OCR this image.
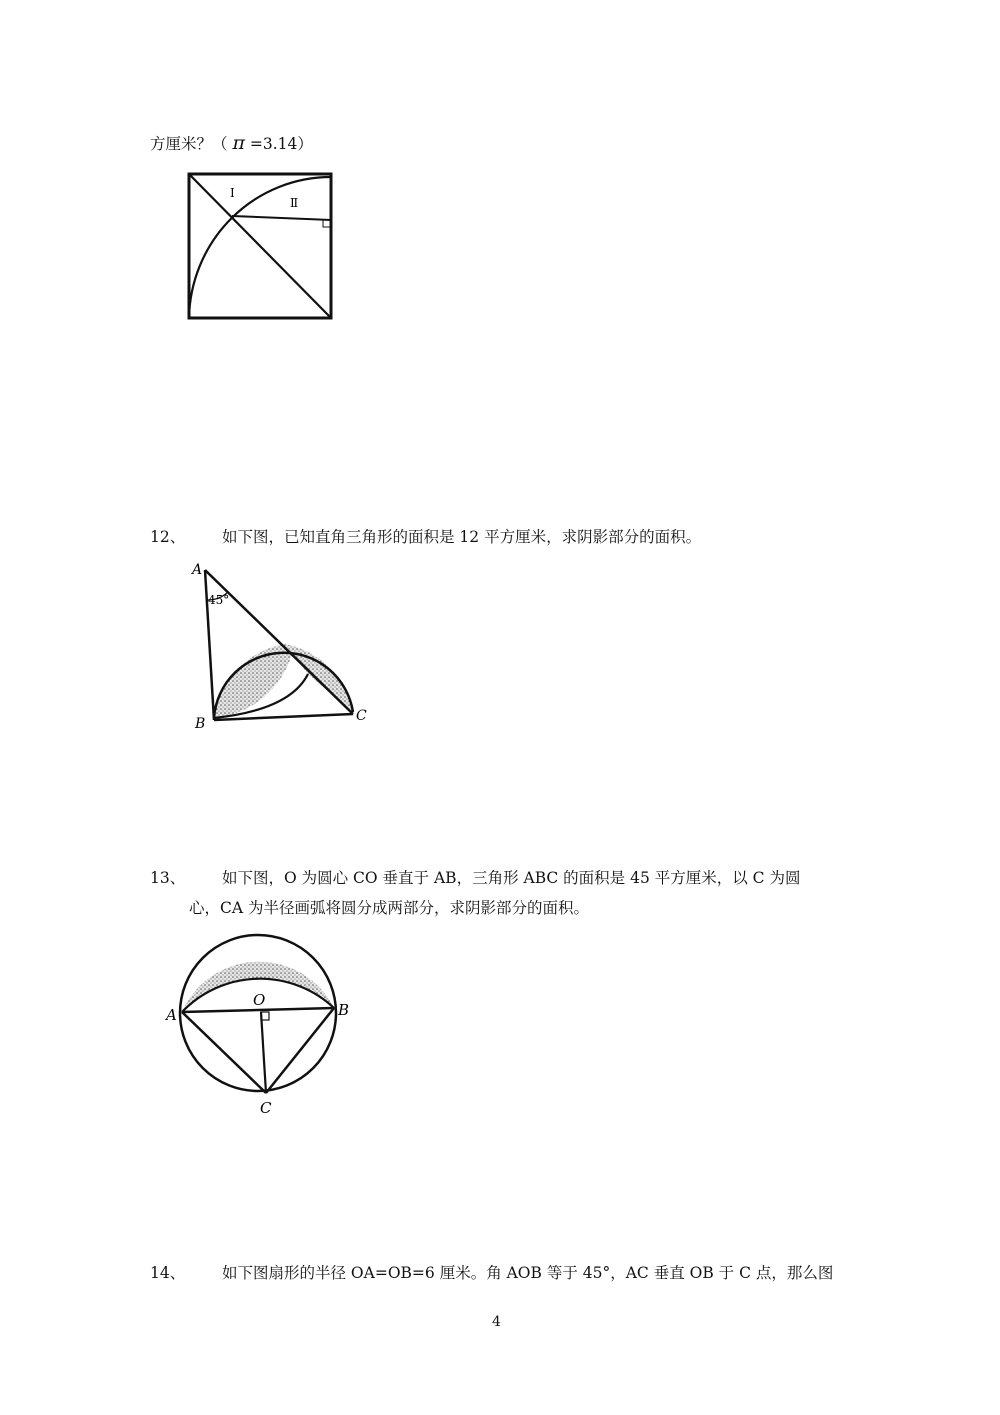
方厘米？（ π =3.14）
I
Ⅱ
12、 如下图，已知直角三角形的面积是 12 平方厘米，求阴影部分的面积。
A
45°
B	C
13、 如下图，O 为圆心 CO 垂直于 AB，三角形 ABC 的面积是 45 平方厘米，以 C 为圆
心，CA 为半径画弧将圆分成两部分，求阴影部分的面积。
O
A	B
C
14、 如下图扇形的半径 OA=OB=6 厘米。角 AOB 等于 45°，AC 垂直 OB 于 C 点，那么图
4
